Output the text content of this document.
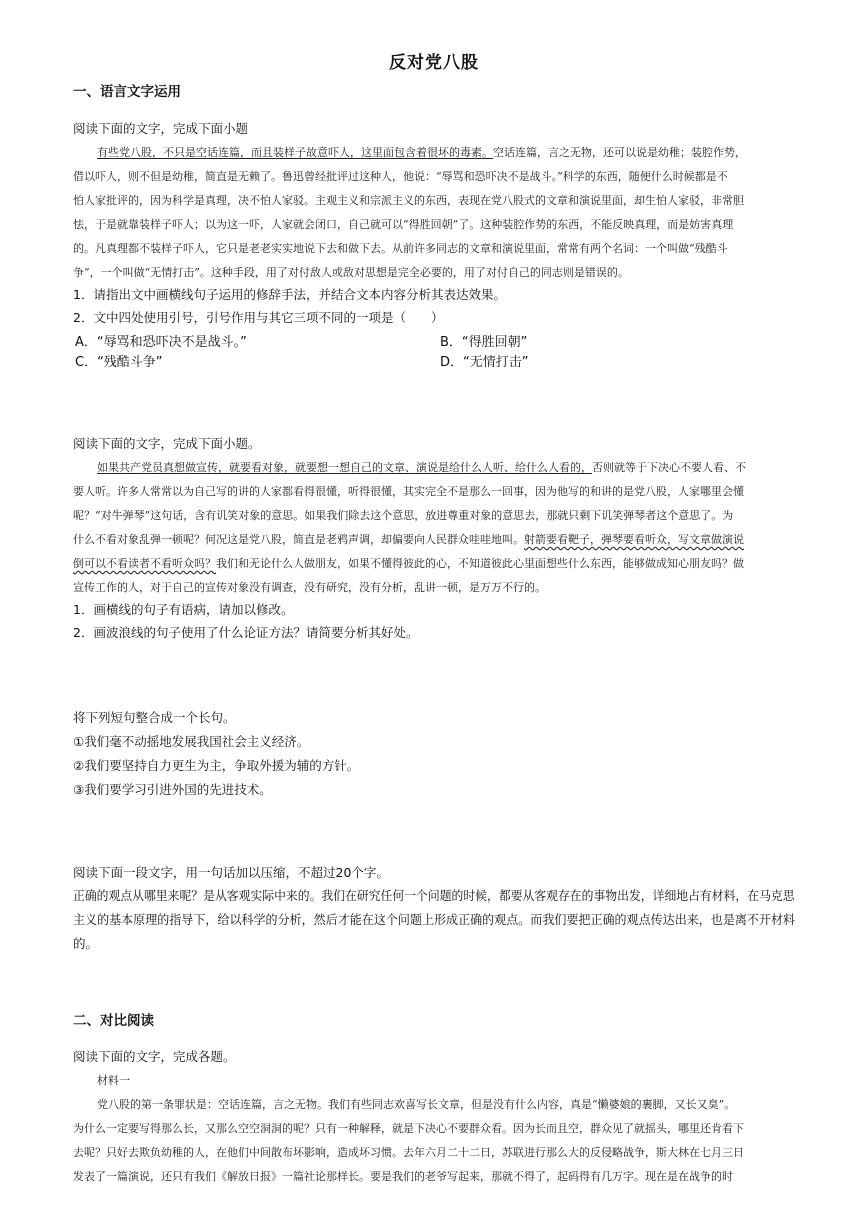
反对党八股
一、语言文字运用
阅读下面的文字，完成下面小题
有些党八股，不只是空话连篇，而且装样子故意吓人，这里面包含着很坏的毒素。空话连篇，言之无物，还可以说是幼稚；装腔作势，
借以吓人，则不但是幼稚，简直是无赖了。鲁迅曾经批评过这种人，他说：“辱骂和恐吓决不是战斗。”科学的东西，随便什么时候都是不
怕人家批评的，因为科学是真理，决不怕人家驳。主观主义和宗派主义的东西，表现在党八股式的文章和演说里面，却生怕人家驳，非常胆
怯，于是就靠装样子吓人；以为这一吓，人家就会闭口，自己就可以“得胜回朝”了。这种装腔作势的东西，不能反映真理，而是妨害真理
的。凡真理都不装样子吓人，它只是老老实实地说下去和做下去。从前许多同志的文章和演说里面，常常有两个名词：一个叫做“残酷斗
争”，一个叫做“无情打击”。这种手段，用了对付敌人或敌对思想是完全必要的，用了对付自己的同志则是错误的。
1．请指出文中画横线句子运用的修辞手法，并结合文本内容分析其表达效果。
2．文中四处使用引号，引号作用与其它三项不同的一项是（　　）
A．“辱骂和恐吓决不是战斗。”	B．“得胜回朝”
C．“残酷斗争”	D．“无情打击”
阅读下面的文字，完成下面小题。
如果共产党员真想做宣传，就要看对象，就要想一想自己的文章、演说是给什么人听、给什么人看的，否则就等于下决心不要人看、不
要人听。许多人常常以为自己写的讲的人家都看得很懂，听得很懂，其实完全不是那么一回事，因为他写的和讲的是党八股，人家哪里会懂
呢？“对牛弹琴”这句话，含有讥笑对象的意思。如果我们除去这个意思，放进尊重对象的意思去，那就只剩下讥笑弹琴者这个意思了。为
什么不看对象乱弹一顿呢？何况这是党八股，简直是老鸦声调，却偏要向人民群众哇哇地叫。射箭要看靶子，弹琴要看听众，写文章做演说
倒可以不看读者不看听众吗？我们和无论什么人做朋友，如果不懂得彼此的心，不知道彼此心里面想些什么东西，能够做成知心朋友吗？做
宣传工作的人，对于自己的宣传对象没有调查，没有研究，没有分析，乱讲一顿，是万万不行的。
1．画横线的句子有语病，请加以修改。
2．画波浪线的句子使用了什么论证方法？请简要分析其好处。
将下列短句整合成一个长句。
①我们毫不动摇地发展我国社会主义经济。
②我们要坚持自力更生为主，争取外援为辅的方针。
③我们要学习引进外国的先进技术。
阅读下面一段文字，用一句话加以压缩，不超过20个字。
正确的观点从哪里来呢？是从客观实际中来的。我们在研究任何一个问题的时候，都要从客观存在的事物出发，详细地占有材料，在马克思
主义的基本原理的指导下，给以科学的分析，然后才能在这个问题上形成正确的观点。而我们要把正确的观点传达出来，也是离不开材料
的。
二、对比阅读
阅读下面的文字，完成各题。
材料一
党八股的第一条罪状是：空话连篇，言之无物。我们有些同志欢喜写长文章，但是没有什么内容，真是“懒婆娘的裹脚，又长又臭”。
为什么一定要写得那么长，又那么空空洞洞的呢？只有一种解释，就是下决心不要群众看。因为长而且空，群众见了就摇头，哪里还肯看下
去呢？只好去欺负幼稚的人，在他们中间散布坏影响，造成坏习惯。去年六月二十二日，苏联进行那么大的反侵略战争，斯大林在七月三日
发表了一篇演说，还只有我们《解放日报》一篇社论那样长。要是我们的老爷写起来，那就不得了，起码得有几万字。现在是在战争的时
